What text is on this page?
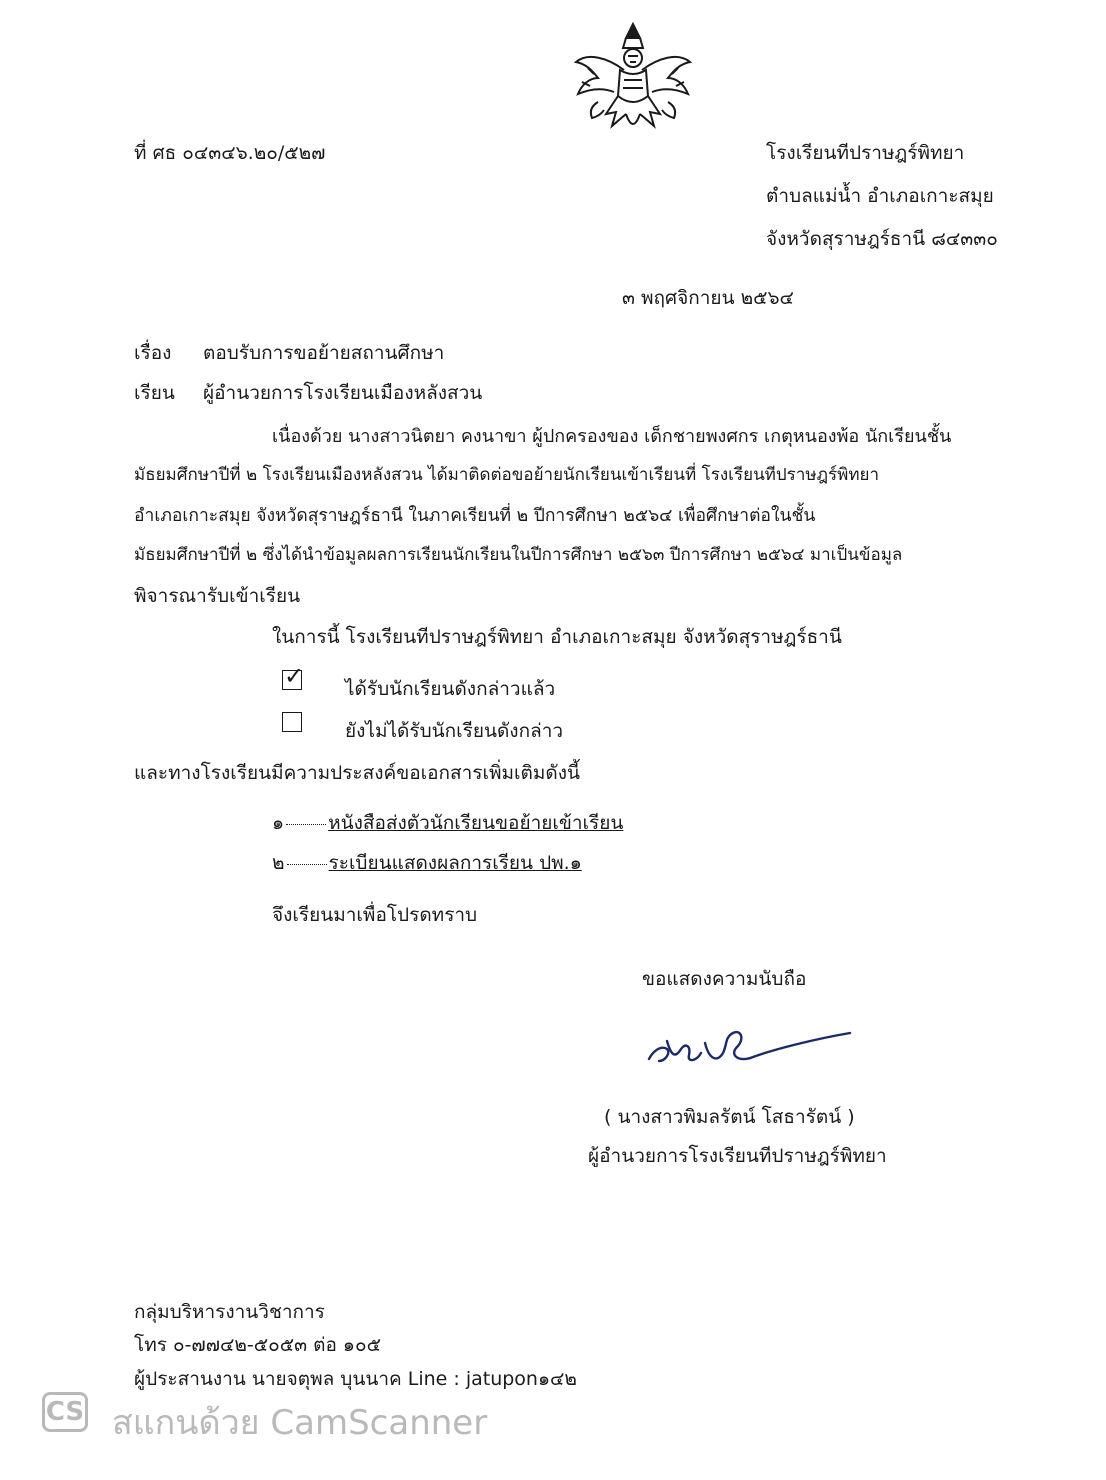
ที่ ศธ ๐๔๓๔๖.๒๐/๕๒๗	โรงเรียนทีปราษฎร์พิทยา
ตำบลแม่น้ำ อำเภอเกาะสมุย
จังหวัดสุราษฎร์ธานี ๘๔๓๓๐
๓ พฤศจิกายน ๒๕๖๔
เรื่อง ตอบรับการขอย้ายสถานศึกษา
เรียน ผู้อำนวยการโรงเรียนเมืองหลังสวน
เนื่องด้วย นางสาวนิตยา คงนาขา ผู้ปกครองของ เด็กชายพงศกร เกตุหนองพ้อ นักเรียนชั้น
มัธยมศึกษาปีที่ ๒ โรงเรียนเมืองหลังสวน ได้มาติดต่อขอย้ายนักเรียนเข้าเรียนที่ โรงเรียนทีปราษฎร์พิทยา
อำเภอเกาะสมุย จังหวัดสุราษฎร์ธานี ในภาคเรียนที่ ๒ ปีการศึกษา ๒๕๖๔ เพื่อศึกษาต่อในชั้น
มัธยมศึกษาปีที่ ๒ ซึ่งได้นำข้อมูลผลการเรียนนักเรียนในปีการศึกษา ๒๕๖๓ ปีการศึกษา ๒๕๖๔ มาเป็นข้อมูล
พิจารณารับเข้าเรียน
ในการนี้ โรงเรียนทีปราษฎร์พิทยา อำเภอเกาะสมุย จังหวัดสุราษฎร์ธานี
✓ ได้รับนักเรียนดังกล่าวแล้ว
ยังไม่ได้รับนักเรียนดังกล่าว
และทางโรงเรียนมีความประสงค์ขอเอกสารเพิ่มเติมดังนี้
๑ หนังสือส่งตัวนักเรียนขอย้ายเข้าเรียน
๒ ระเบียนแสดงผลการเรียน ปพ.๑
จึงเรียนมาเพื่อโปรดทราบ
ขอแสดงความนับถือ
( นางสาวพิมลรัตน์ โสธารัตน์ )
ผู้อำนวยการโรงเรียนทีปราษฎร์พิทยา
กลุ่มบริหารงานวิชาการ
โทร ๐-๗๗๔๒-๕๐๕๓ ต่อ ๑๐๕
ผู้ประสานงาน นายจตุพล บุนนาค Line : jatupon๑๔๒
CS สแกนด้วย CamScanner
